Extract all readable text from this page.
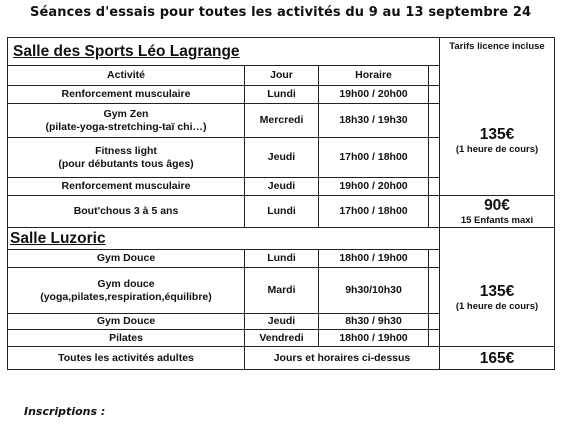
Séances d'essais pour toutes les activités du 9 au 13 septembre 24
Salle des Sports Léo Lagrange				Tarifs licence incluse
Activité	Jour	Horaire		
Renforcement musculaire	Lundi	19h00 / 20h00		135€
(1 heure de cours)

Gym Zen
(pilate-yoga-stretching-taï chi…)	Mercredi	18h30 / 19h30		

Fitness light
(pour débutants tous âges)	Jeudi	17h00 / 18h00		
Renforcement musculaire	Jeudi	19h00 / 20h00		
Bout'chous 3 à 5 ans	Lundi	17h00 / 18h00		90€
15 Enfants maxi

Salle Luzoric				
Gym Douce	Lundi	18h00 / 19h00		135€
(1 heure de cours)

Gym douce
(yoga,pilates,respiration,équilibre)	Mardi	9h30/10h30		
Gym Douce	Jeudi	8h30 / 9h30		
Pilates	Vendredi	18h00 / 19h00		
Toutes les activités adultes	Jours et horaires ci-dessus			165€
Inscriptions :
